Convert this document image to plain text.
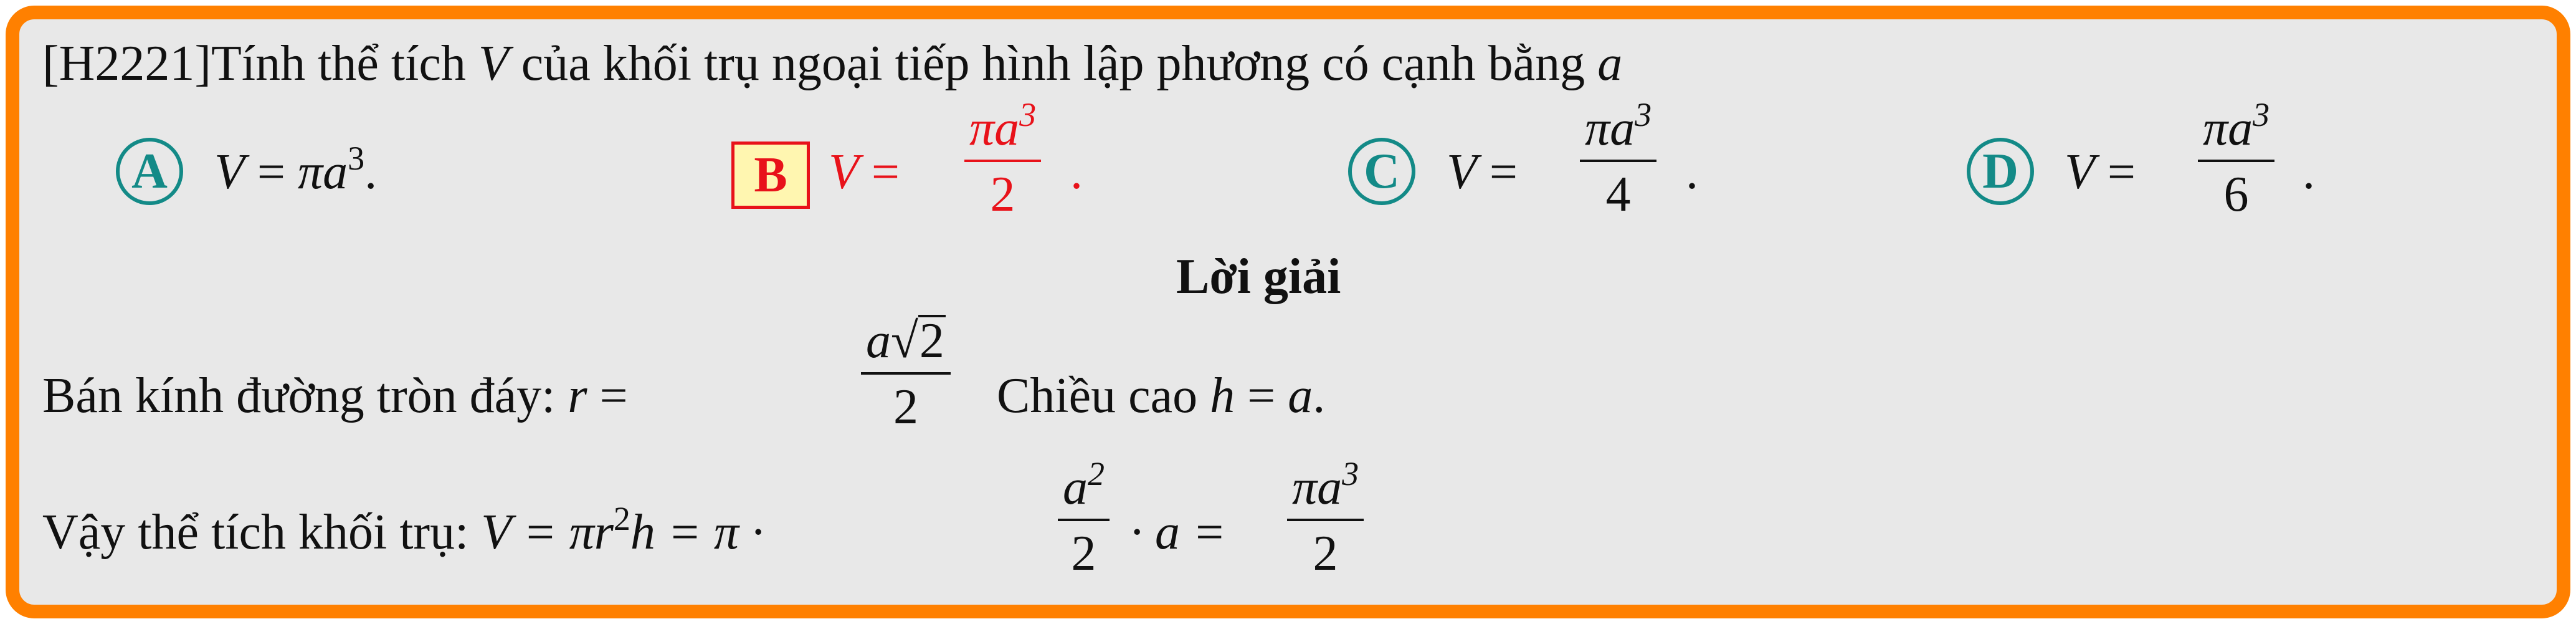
[H2221]Tính thể tích V của khối trụ ngoại tiếp hình lập phương có cạnh bằng a
A $V = \pi a^3$.	B V =
$\pi a^3$
2 .	C V =
$\pi a^3$
4 .	D V =
$\pi a^3$
6 .
Lời giải
Bán kính đường tròn đáy: r =
a√2
2 Chiều cao h = a.
Vậy thể tích khối trụ: $V = \pi r^2h = \pi$ ·
$a^2$
2 · a =
$\pi a^3$
2
